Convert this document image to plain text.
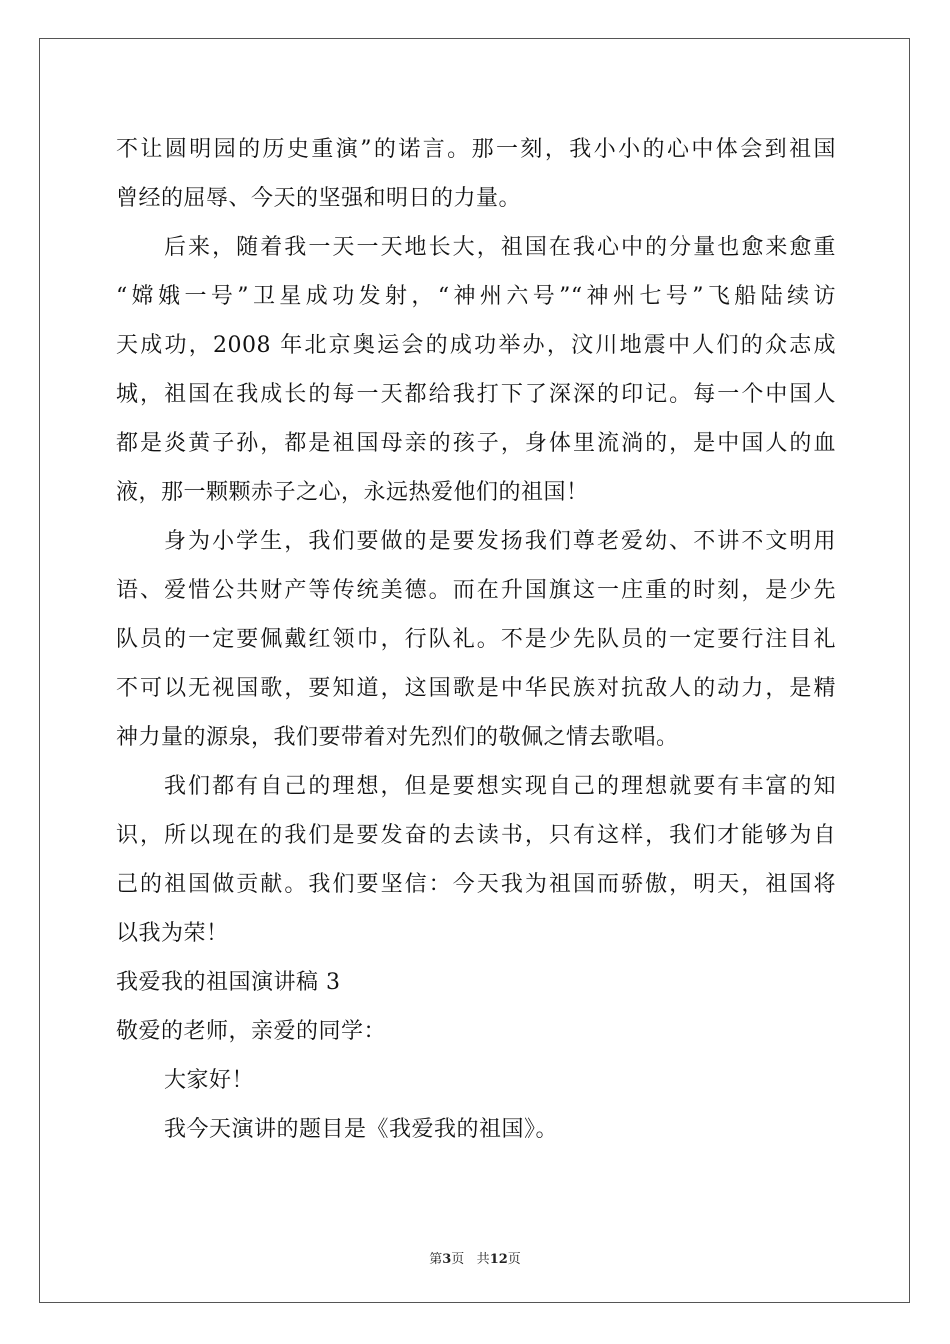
不让圆明园的历史重演”的诺言。那一刻，我小小的心中体会到祖国
曾经的屈辱、今天的坚强和明日的力量。
后来，随着我一天一天地长大，祖国在我心中的分量也愈来愈重
“嫦娥一号”卫星成功发射，“神州六号”“神州七号”飞船陆续访
天成功，2008 年北京奥运会的成功举办，汶川地震中人们的众志成
城，祖国在我成长的每一天都给我打下了深深的印记。每一个中国人
都是炎黄子孙，都是祖国母亲的孩子，身体里流淌的，是中国人的血
液，那一颗颗赤子之心，永远热爱他们的祖国！
身为小学生，我们要做的是要发扬我们尊老爱幼、不讲不文明用
语、爱惜公共财产等传统美德。而在升国旗这一庄重的时刻，是少先
队员的一定要佩戴红领巾，行队礼。不是少先队员的一定要行注目礼
不可以无视国歌，要知道，这国歌是中华民族对抗敌人的动力，是精
神力量的源泉，我们要带着对先烈们的敬佩之情去歌唱。
我们都有自己的理想，但是要想实现自己的理想就要有丰富的知
识，所以现在的我们是要发奋的去读书，只有这样，我们才能够为自
己的祖国做贡献。我们要坚信：今天我为祖国而骄傲，明天，祖国将
以我为荣！
我爱我的祖国演讲稿 3
敬爱的老师，亲爱的同学：
大家好！
我今天演讲的题目是《我爱我的祖国》。
第3页 共12页
